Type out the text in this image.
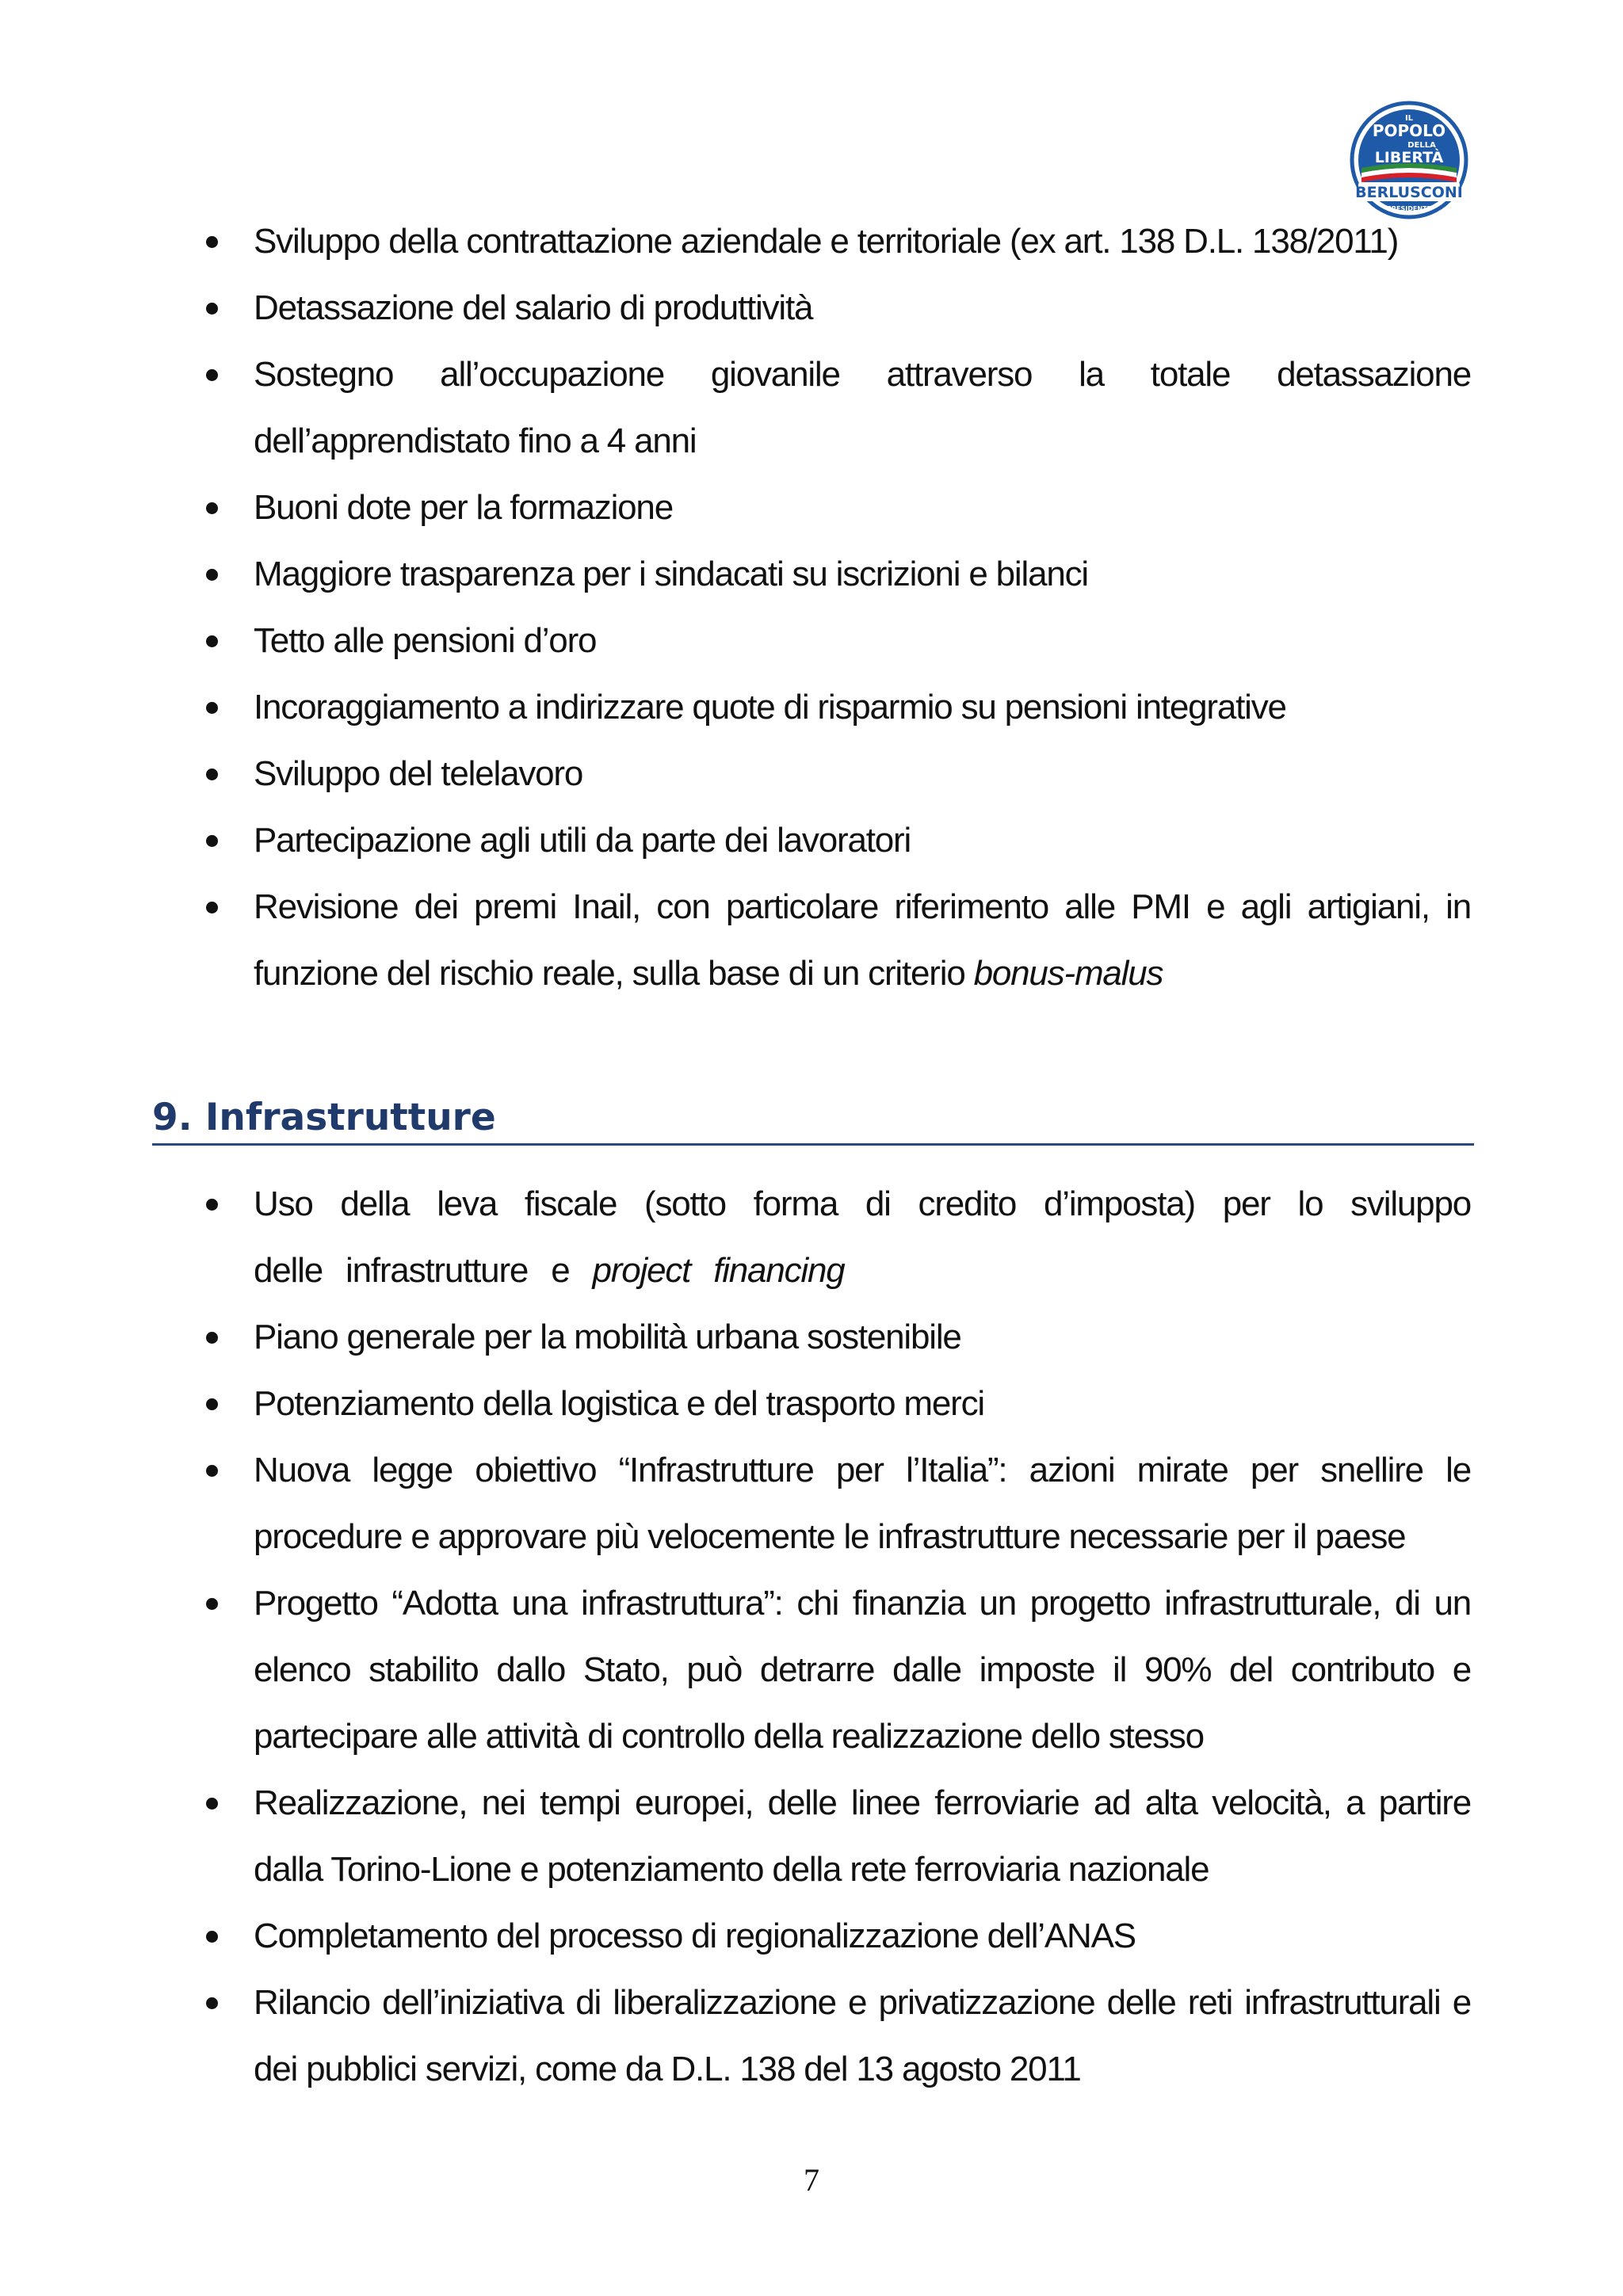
IL
POPOLO
DELLA
LIBERTÀ
BERLUSCONI
PRESIDENTE
Sviluppo della contrattazione aziendale e territoriale (ex art. 138 D.L. 138/2011)
Detassazione del salario di produttività
Sostegno all’occupazione giovanile attraverso la totale detassazione dell’apprendistato fino a 4 anni
Buoni dote per la formazione
Maggiore trasparenza per i sindacati su iscrizioni e bilanci
Tetto alle pensioni d’oro
Incoraggiamento a indirizzare quote di risparmio su pensioni integrative
Sviluppo del telelavoro
Partecipazione agli utili da parte dei lavoratori
Revisione dei premi Inail, con particolare riferimento alle PMI e agli artigiani, in funzione del rischio reale, sulla base di un criterio bonus-malus
9. Infrastrutture
Uso della leva fiscale (sotto forma di credito d’imposta) per lo sviluppo delle infrastrutture e project financing
Piano generale per la mobilità urbana sostenibile
Potenziamento della logistica e del trasporto merci
Nuova legge obiettivo “Infrastrutture per l’Italia”: azioni mirate per snellire le procedure e approvare più velocemente le infrastrutture necessarie per il paese
Progetto “Adotta una infrastruttura”: chi finanzia un progetto infrastrutturale, di un elenco stabilito dallo Stato, può detrarre dalle imposte il 90% del contributo e partecipare alle attività di controllo della realizzazione dello stesso
Realizzazione, nei tempi europei, delle linee ferroviarie ad alta velocità, a partire dalla Torino-Lione e potenziamento della rete ferroviaria nazionale
Completamento del processo di regionalizzazione dell’ANAS
Rilancio dell’iniziativa di liberalizzazione e privatizzazione delle reti infrastrutturali e dei pubblici servizi, come da D.L. 138 del 13 agosto 2011
7
